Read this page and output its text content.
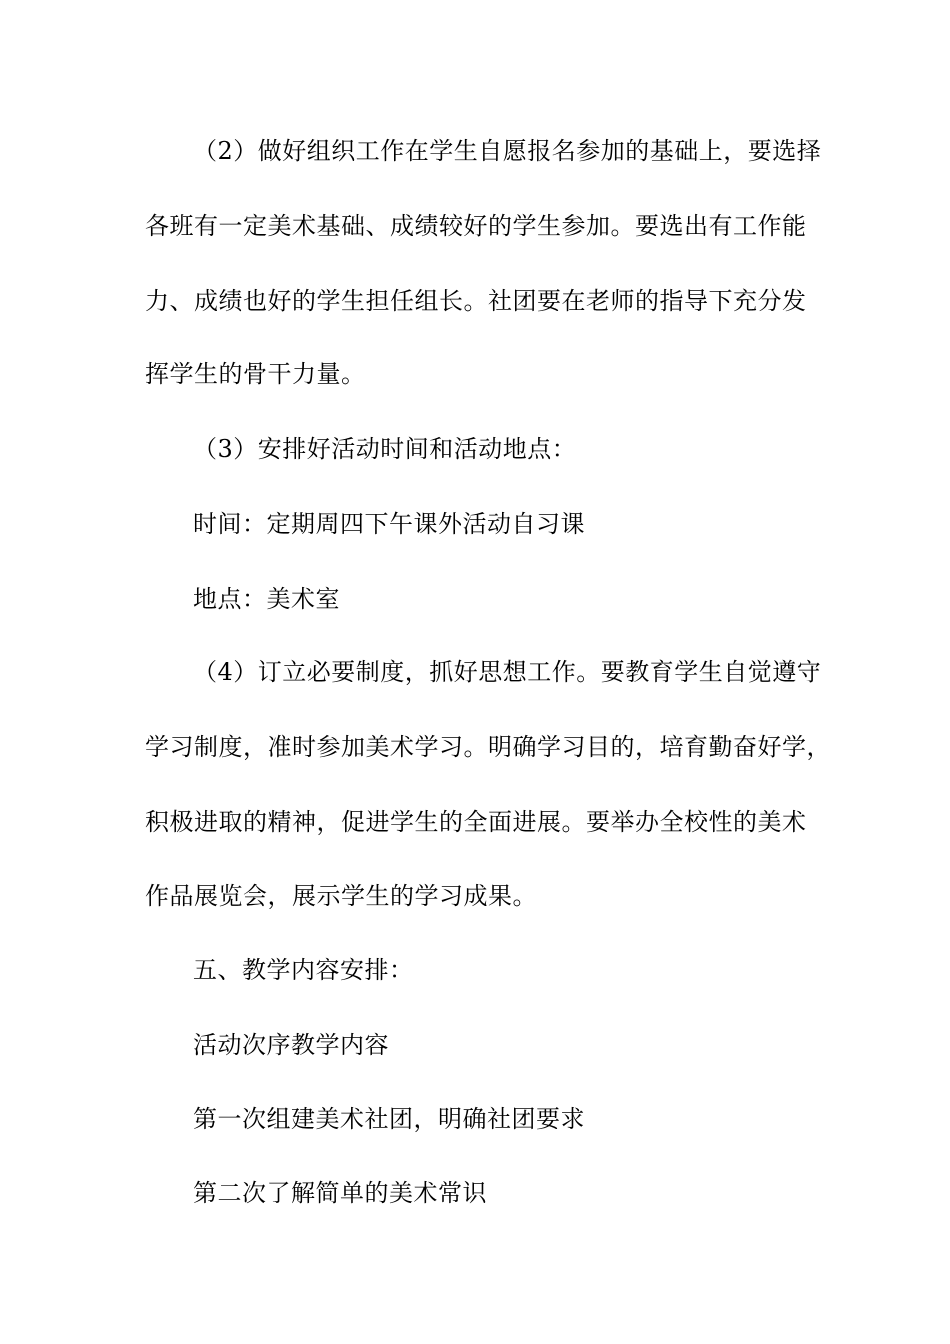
（2）做好组织工作在学生自愿报名参加的基础上，要选择
各班有一定美术基础、成绩较好的学生参加。要选出有工作能
力、成绩也好的学生担任组长。社团要在老师的指导下充分发
挥学生的骨干力量。
（3）安排好活动时间和活动地点：
时间：定期周四下午课外活动自习课
地点：美术室
（4）订立必要制度，抓好思想工作。要教育学生自觉遵守
学习制度，准时参加美术学习。明确学习目的，培育勤奋好学，
积极进取的精神，促进学生的全面进展。要举办全校性的美术
作品展览会，展示学生的学习成果。
五、教学内容安排：
活动次序教学内容
第一次组建美术社团，明确社团要求
第二次了解简单的美术常识
